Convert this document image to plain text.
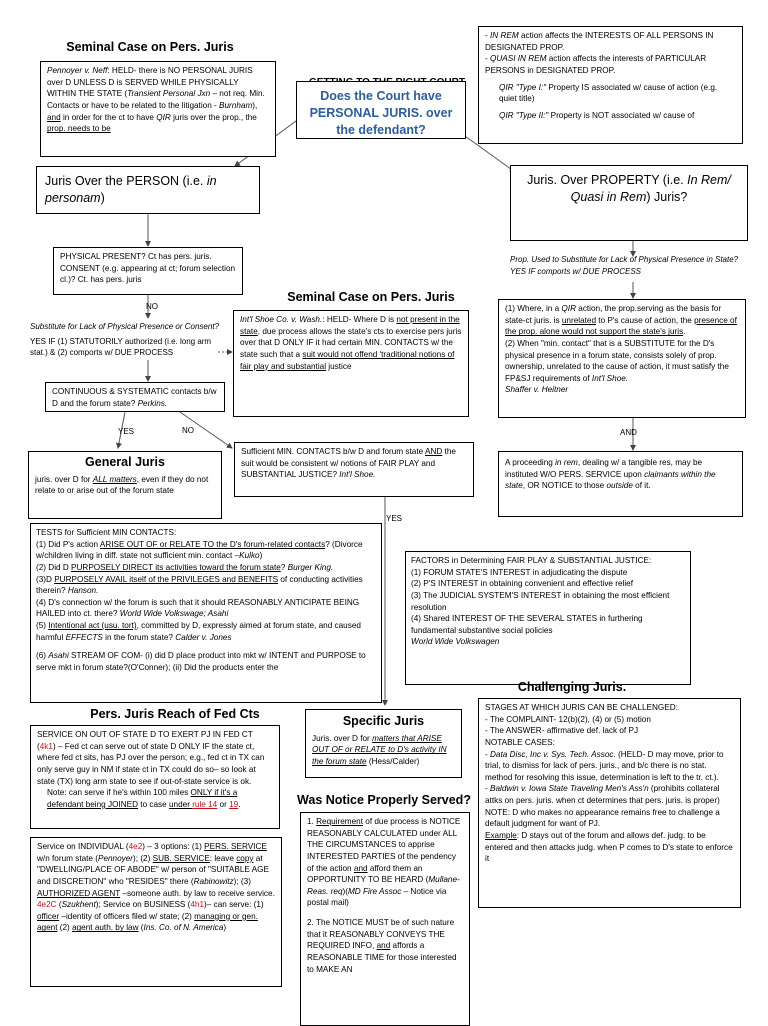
Seminal Case on Pers. Juris
Pennoyer v. Neff: HELD- there is NO PERSONAL JURIS over D UNLESS D is SERVED WHILE PHYSICALLY WITHIN THE STATE (Transient Personal Jxn – not req. Min. Contacts or have to be related to the litigation - Burnham), and in order for the ct to have QIR juris over the prop., the prop. needs to be

- IN REM action affects the INTERESTS OF ALL PERSONS IN DESIGNATED PROP.

- QUASI IN REM action affects the interests of PARTICULAR PERSONS in DESIGNATED PROP.

QIR "Type I:" Property IS associated w/ cause of action (e.g. quiet title)

QIR "Type II:" Property is NOT associated w/ cause of

Does the Court have PERSONAL JURIS. over the defendant?
Juris Over the PERSON (i.e. in personam)
Juris. Over PROPERTY (i.e. In Rem/ Quasi in Rem) Juris?
PHYSICAL PRESENT? Ct has pers. juris. CONSENT (e.g. appearing at ct; forum selection cl.)? Ct. has pers. juris
NO
Substitute for Lack of Physical Presence or Consent?
YES IF (1) STATUTORILY authorized (i.e. long arm stat.) & (2) comports w/ DUE PROCESS
Seminal Case on Pers. Juris
Int'l Shoe Co. v. Wash.: HELD- Where D is not present in the state, due process allows the state's cts to exercise pers juris over that D ONLY IF it had certain MIN. CONTACTS w/ the state such that a suit would not offend 'traditional notions of fair play and substantial justice
CONTINUOUS & SYSTEMATIC contacts b/w D and the forum state? Perkins.
YES	NO
General Juris
juris. over D for ALL matters, even if they do not relate to or arise out of the forum state
Sufficient MIN. CONTACTS b/w D and forum state AND the suit would be consistent w/ notions of FAIR PLAY and SUBSTANTIAL JUSTICE? Int'l Shoe.
YES
Prop. Used to Substitute for Lack of Physical Presence in State? YES IF comports w/ DUE PROCESS
(1) Where, in a QIR action, the prop.serving as the basis for state-ct juris. is unrelated to P's cause of action, the presence of the prop. alone would not support the state's juris.

(2) When "min. contact" that is a SUBSTITUTE for the D's physical presence in a forum state, consists solely of prop. ownership, unrelated to the cause of action, it must satisfy the FP&SJ requirements of Int'l Shoe.

Shaffer v. Heitner

AND
A proceeding in rem, dealing w/ a tangible res, may be instituted W/O PERS. SERVICE upon claimants within the state, OR NOTICE to those outside of it.

TESTS for Sufficient MIN CONTACTS:

(1) Did P's action ARISE OUT OF or RELATE TO the D's forum-related contacts? (Divorce w/children living in diff. state not sufficient min. contact –Kulko)

(2) Did D PURPOSELY DIRECT its activities toward the forum state? Burger King.

(3)D PURPOSELY AVAIL itself of the PRIVILEGES and BENEFITS of conducting activities therein? Hanson.

(4) D's connection w/ the forum is such that it should REASONABLY ANTICIPATE BEING HAILED into ct. there? World Wide Volkswage; Asahi

(5) Intentional act (usu. tort), committed by D, expressly aimed at forum state, and caused harmful EFFECTS in the forum state? Calder v. Jones

(6) Asahi STREAM OF COM- (i) did D place product into mkt w/ INTENT and PURPOSE to serve mkt in forum state?(O'Conner); (ii) Did the products enter the

FACTORS in Determining FAIR PLAY & SUBSTANTIAL JUSTICE:

(1) FORUM STATE'S INTEREST in adjudicating the dispute

(2) P'S INTEREST in obtaining convenient and effective relief

(3) The JUDICIAL SYSTEM'S INTEREST in obtaining the most efficient resolution

(4) Shared INTEREST OF THE SEVERAL STATES in furthering fundamental substantive social policies

World Wide Volkswagen

Pers. Juris Reach of Fed Cts
SERVICE ON OUT OF STATE D TO EXERT PJ IN FED CT (4k1) – Fed ct can serve out of state D ONLY IF the state ct, where fed ct sits, has PJ over the person; e.g., fed ct in TX can only serve guy in NM if state ct in TX could do so– so look at state (TX) long arm state to see if out-of-state service is ok.

Note: can serve if he's within 100 miles ONLY if it's a defendant being JOINED to case under rule 14 or 19.

Specific Juris
Juris. over D for matters that ARISE OUT OF or RELATE to D's activity IN the forum state (Hess/Calder)
Challenging Juris.

STAGES AT WHICH JURIS CAN BE CHALLENGED:

- The COMPLAINT- 12(b)(2), (4) or (5) motion

- The ANSWER- affirmative def. lack of PJ

NOTABLE CASES:

- Data Disc, Inc v. Sys. Tech. Assoc. (HELD- D may move, prior to trial, to dismiss for lack of pers. juris., and b/c there is no stat. method for resolving this issue, determination is left to the tr. ct.).

- Baldwin v. Iowa State Traveling Men's Ass'n (prohibits collateral attks on pers. juris. when ct determines that pers. juris. is proper)

NOTE: D who makes no appearance remains free to challenge a default judgment for want of PJ.

Example: D stays out of the forum and allows def. judg. to be entered and then attacks judg. when P comes to D's state to enforce it

Was Notice Properly Served?

1. Requirement of due process is NOTICE REASONABLY CALCULATED under ALL THE CIRCUMSTANCES to apprise INTERESTED PARTIES of the pendency of the action and afford them an OPPORTUNITY TO BE HEARD (Mullane- Reas. req)(MD Fire Assoc – Notice via postal mail)

2. The NOTICE MUST be of such nature that it REASONABLY CONVEYS THE REQUIRED INFO, and affords a REASONABLE TIME for those interested to MAKE AN

Service on INDIVIDUAL (4e2) – 3 options: (1) PERS. SERVICE w/n forum state (Pennoyer); (2) SUB. SERVICE: leave copy at "DWELLING/PLACE OF ABODE" w/ person of "SUITABLE AGE and DISCRETION" who "RESIDES" there (Rabinowitz); (3) AUTHORIZED AGENT –someone auth. by law to receive service. 4e2C (Szukhent); Service on BUSINESS (4h1)– can serve: (1) officer –identity of officers filed w/ state; (2) managing or gen. agent (2) agent auth. by law (Ins. Co. of N. America)
